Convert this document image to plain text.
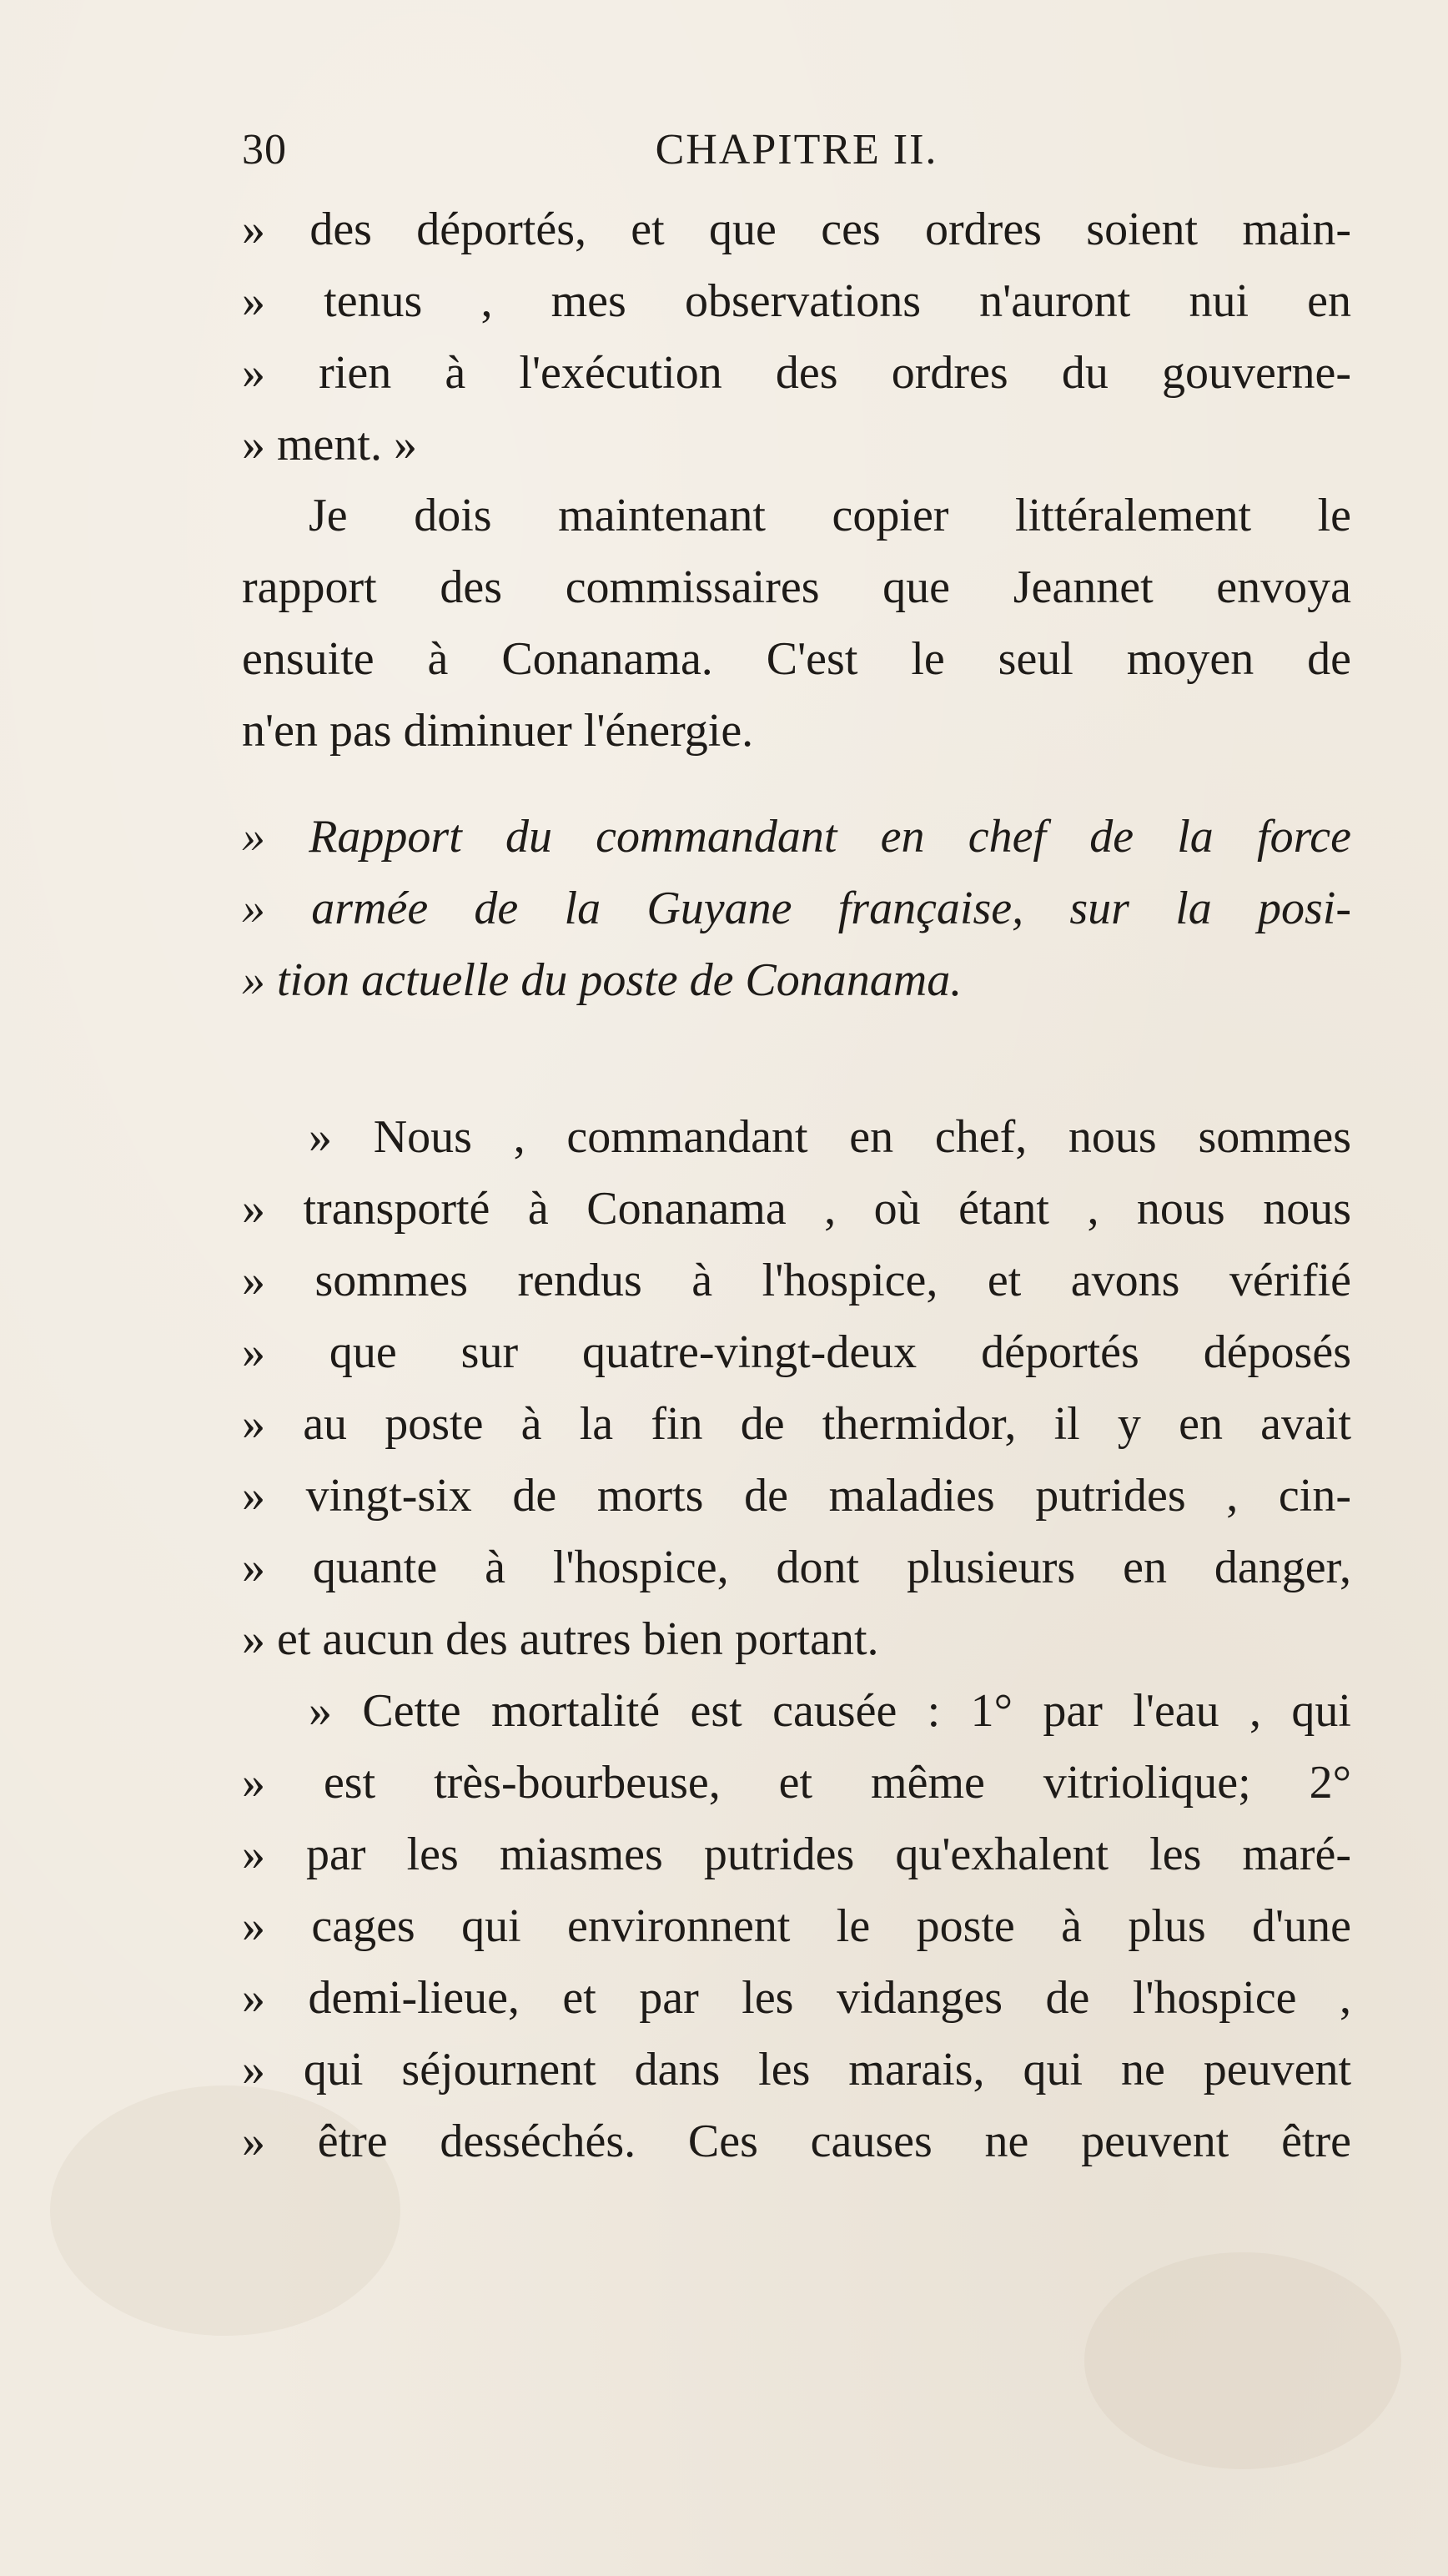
30	CHAPITRE II.
» des déportés, et que ces ordres soient main-
» tenus , mes observations n'auront nui en
» rien à l'exécution des ordres du gouverne-
» ment. »
Je dois maintenant copier littéralement le
rapport des commissaires que Jeannet envoya
ensuite à Conanama. C'est le seul moyen de
n'en pas diminuer l'énergie.
» Rapport du commandant en chef de la force
» armée de la Guyane française, sur la posi-
» tion actuelle du poste de Conanama.
» Nous , commandant en chef, nous sommes
» transporté à Conanama , où étant , nous nous
» sommes rendus à l'hospice, et avons vérifié
» que sur quatre-vingt-deux déportés déposés
» au poste à la fin de thermidor, il y en avait
» vingt-six de morts de maladies putrides , cin-
» quante à l'hospice, dont plusieurs en danger,
» et aucun des autres bien portant.
» Cette mortalité est causée : 1° par l'eau , qui
» est très-bourbeuse, et même vitriolique; 2°
» par les miasmes putrides qu'exhalent les maré-
» cages qui environnent le poste à plus d'une
» demi-lieue, et par les vidanges de l'hospice ,
» qui séjournent dans les marais, qui ne peuvent
» être desséchés. Ces causes ne peuvent être
